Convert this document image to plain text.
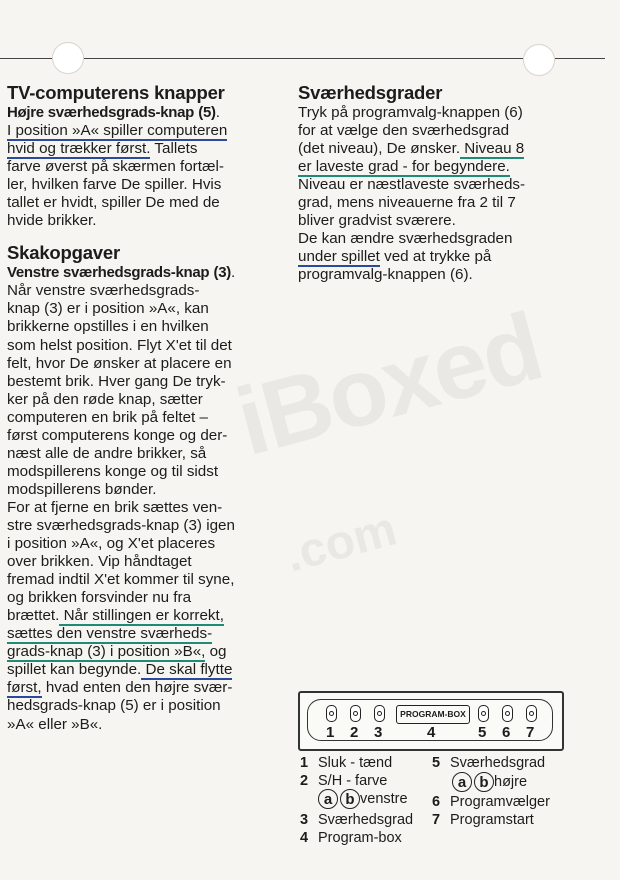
iBoxed
.com
TV-computerens knapper
Højre sværhedsgrads-knap (5).
I position »A« spiller computeren
hvid og trækker først. Tallets
farve øverst på skærmen fortæl-
ler, hvilken farve De spiller. Hvis
tallet er hvidt, spiller De med de
hvide brikker.
Skakopgaver
Venstre sværhedsgrads-knap (3).
Når venstre sværhedsgrads-
knap (3) er i position »A«, kan
brikkerne opstilles i en hvilken
som helst position. Flyt X'et til det
felt, hvor De ønsker at placere en
bestemt brik. Hver gang De tryk-
ker på den røde knap, sætter
computeren en brik på feltet –
først computerens konge og der-
næst alle de andre brikker, så
modspillerens konge og til sidst
modspillerens bønder.
For at fjerne en brik sættes ven-
stre sværhedsgrads-knap (3) igen
i position »A«, og X'et placeres
over brikken. Vip håndtaget
fremad indtil X'et kommer til syne,
og brikken forsvinder nu fra
brættet. Når stillingen er korrekt,
sættes den venstre sværheds-
grads-knap (3) i position »B«, og
spillet kan begynde. De skal flytte
først, hvad enten den højre svær-
hedsgrads-knap (5) er i position
»A« eller »B«.
Sværhedsgrader
Tryk på programvalg-knappen (6)
for at vælge den sværhedsgrad
(det niveau), De ønsker. Niveau 8
er laveste grad - for begyndere.
Niveau er næstlaveste sværheds-
grad, mens niveauerne fra 2 til 7
bliver gradvist sværere.
De kan ændre sværhedsgraden
under spillet ved at trykke på
programvalg-knappen (6).
PROGRAM-BOX
1 2 3	4	5 6 7
1 Sluk - tænd
2 S/H - farve
a b venstre
3 Sværhedsgrad
4 Program-box
5 Sværhedsgrad
a b højre
6 Programvælger
7 Programstart
